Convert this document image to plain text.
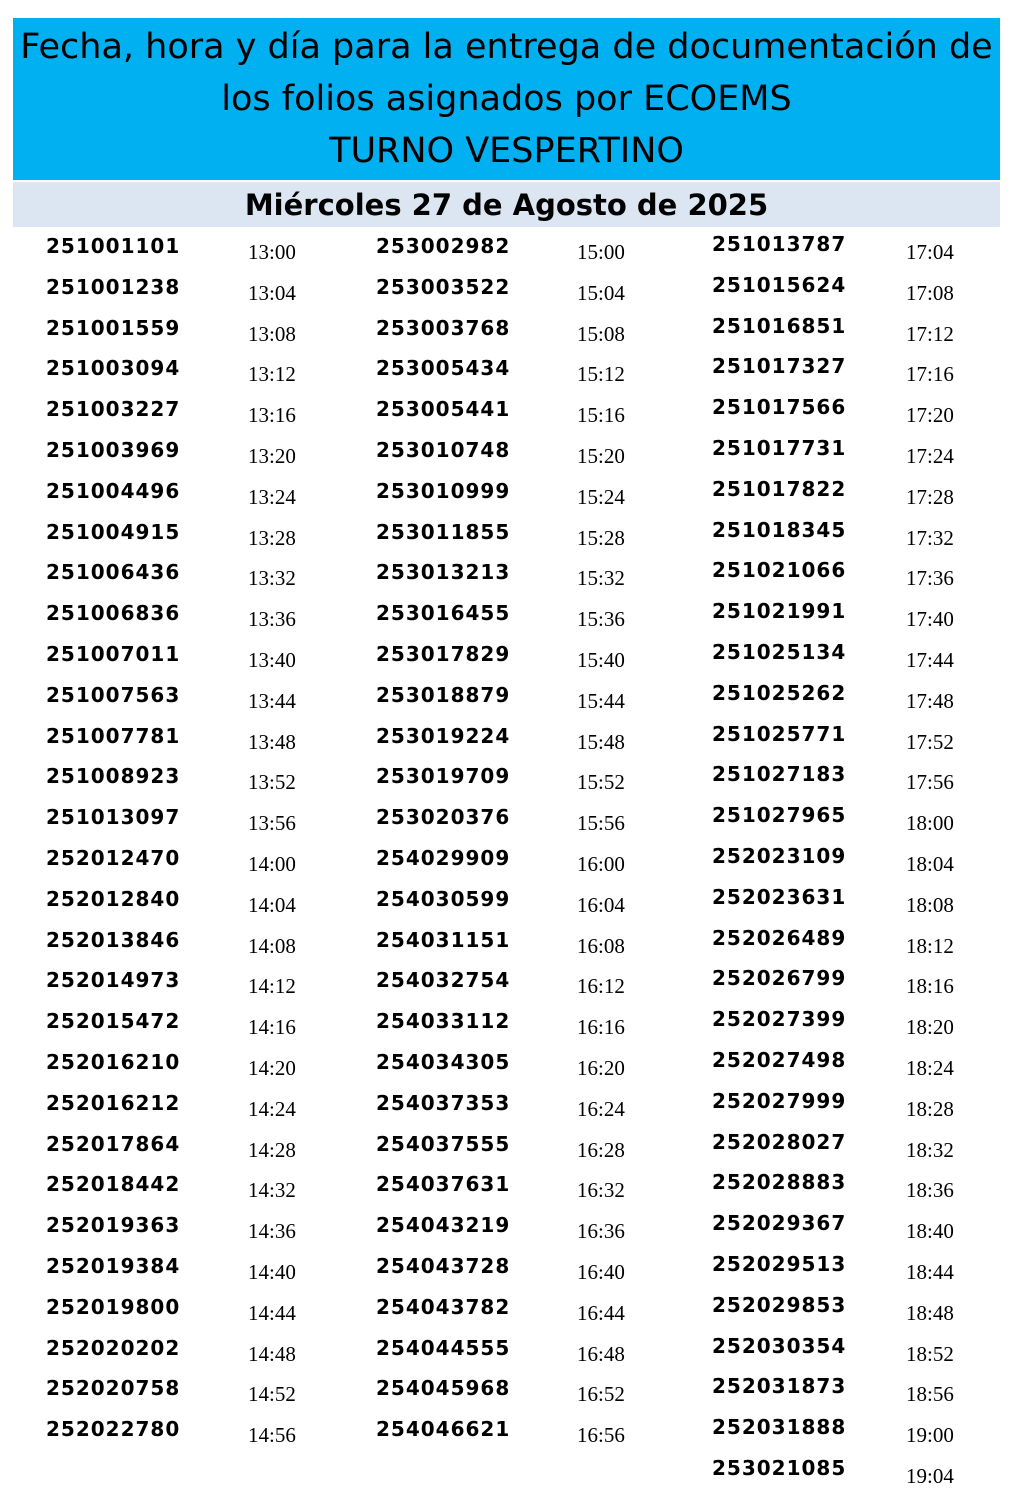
Fecha, hora y día para la entrega de documentación de
los folios asignados por ECOEMS
TURNO VESPERTINO
Miércoles 27 de Agosto de 2025
251001101	13:00
251001238	13:04
251001559	13:08
251003094	13:12
251003227	13:16
251003969	13:20
251004496	13:24
251004915	13:28
251006436	13:32
251006836	13:36
251007011	13:40
251007563	13:44
251007781	13:48
251008923	13:52
251013097	13:56
252012470	14:00
252012840	14:04
252013846	14:08
252014973	14:12
252015472	14:16
252016210	14:20
252016212	14:24
252017864	14:28
252018442	14:32
252019363	14:36
252019384	14:40
252019800	14:44
252020202	14:48
252020758	14:52
252022780	14:56
253002982	15:00
253003522	15:04
253003768	15:08
253005434	15:12
253005441	15:16
253010748	15:20
253010999	15:24
253011855	15:28
253013213	15:32
253016455	15:36
253017829	15:40
253018879	15:44
253019224	15:48
253019709	15:52
253020376	15:56
254029909	16:00
254030599	16:04
254031151	16:08
254032754	16:12
254033112	16:16
254034305	16:20
254037353	16:24
254037555	16:28
254037631	16:32
254043219	16:36
254043728	16:40
254043782	16:44
254044555	16:48
254045968	16:52
254046621	16:56
251013787	17:04
251015624	17:08
251016851	17:12
251017327	17:16
251017566	17:20
251017731	17:24
251017822	17:28
251018345	17:32
251021066	17:36
251021991	17:40
251025134	17:44
251025262	17:48
251025771	17:52
251027183	17:56
251027965	18:00
252023109	18:04
252023631	18:08
252026489	18:12
252026799	18:16
252027399	18:20
252027498	18:24
252027999	18:28
252028027	18:32
252028883	18:36
252029367	18:40
252029513	18:44
252029853	18:48
252030354	18:52
252031873	18:56
252031888	19:00
253021085	19:04
